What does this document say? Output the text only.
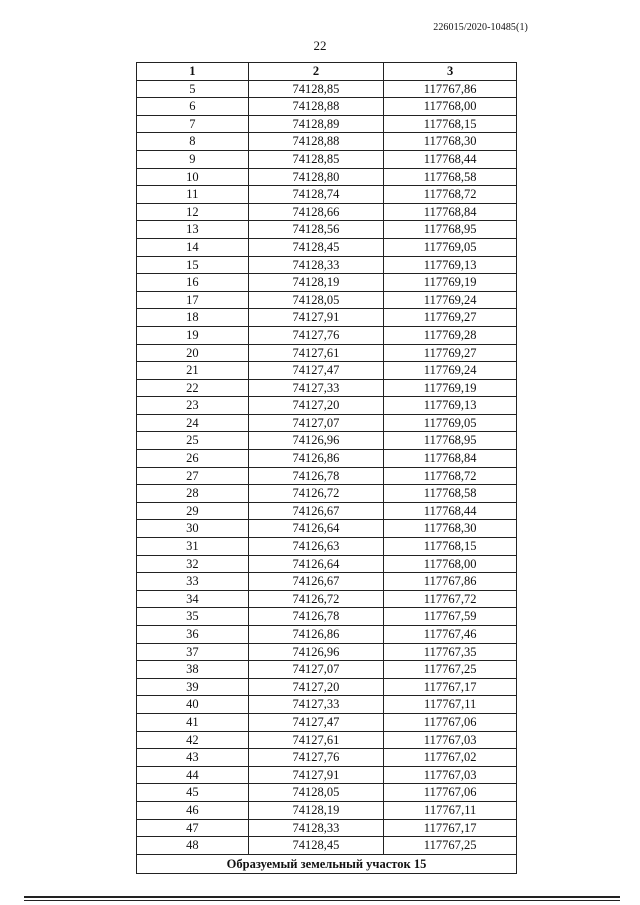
226015/2020-10485(1)
22
1	2	3
5	74128,85	117767,86
6	74128,88	117768,00
7	74128,89	117768,15
8	74128,88	117768,30
9	74128,85	117768,44
10	74128,80	117768,58
11	74128,74	117768,72
12	74128,66	117768,84
13	74128,56	117768,95
14	74128,45	117769,05
15	74128,33	117769,13
16	74128,19	117769,19
17	74128,05	117769,24
18	74127,91	117769,27
19	74127,76	117769,28
20	74127,61	117769,27
21	74127,47	117769,24
22	74127,33	117769,19
23	74127,20	117769,13
24	74127,07	117769,05
25	74126,96	117768,95
26	74126,86	117768,84
27	74126,78	117768,72
28	74126,72	117768,58
29	74126,67	117768,44
30	74126,64	117768,30
31	74126,63	117768,15
32	74126,64	117768,00
33	74126,67	117767,86
34	74126,72	117767,72
35	74126,78	117767,59
36	74126,86	117767,46
37	74126,96	117767,35
38	74127,07	117767,25
39	74127,20	117767,17
40	74127,33	117767,11
41	74127,47	117767,06
42	74127,61	117767,03
43	74127,76	117767,02
44	74127,91	117767,03
45	74128,05	117767,06
46	74128,19	117767,11
47	74128,33	117767,17
48	74128,45	117767,25
Образуемый земельный участок 15		
